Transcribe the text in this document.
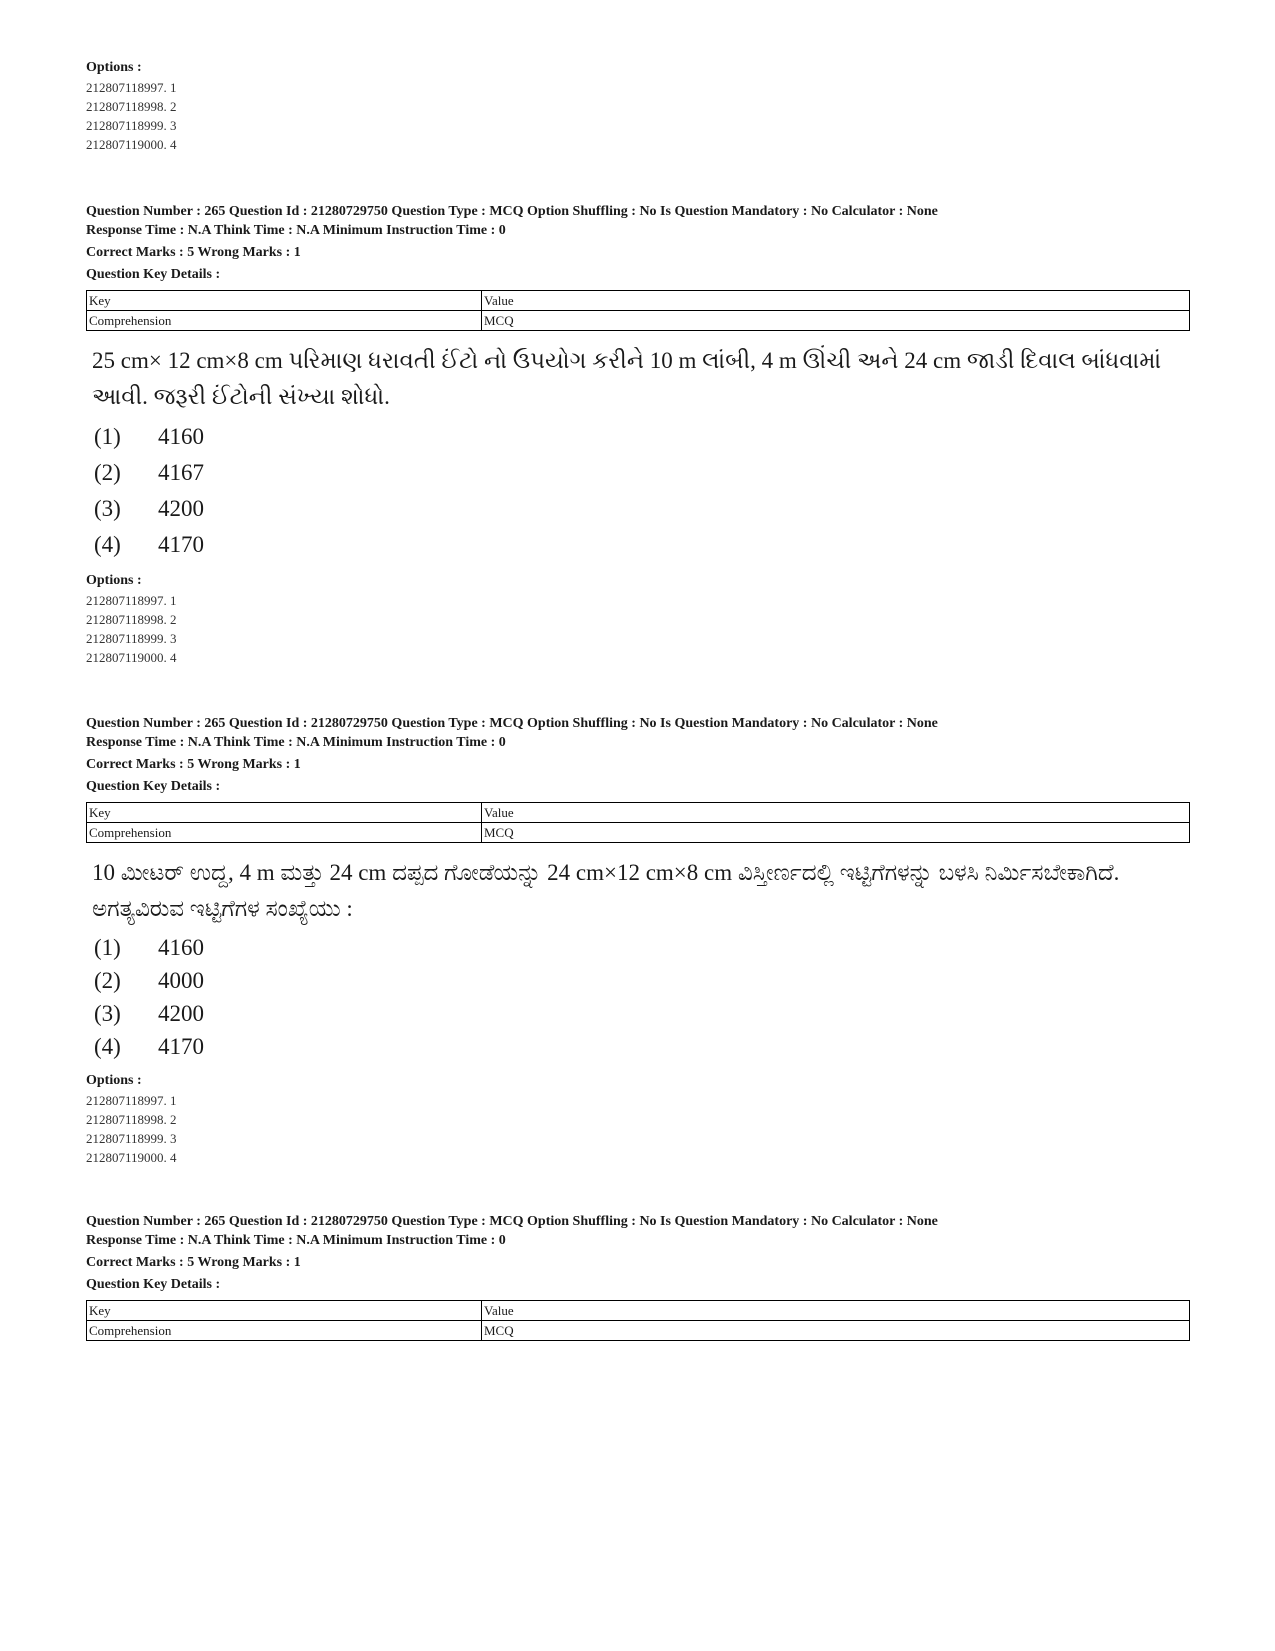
Options :
212807118997. 1
212807118998. 2
212807118999. 3
212807119000. 4
Question Number : 265 Question Id : 21280729750 Question Type : MCQ Option Shuffling : No Is Question Mandatory : No Calculator : None
Response Time : N.A Think Time : N.A Minimum Instruction Time : 0
Correct Marks : 5 Wrong Marks : 1
Question Key Details :
Key	Value
Comprehension	MCQ
25 cm× 12 cm×8 cm પરિમાણ ધરાવતી ઈંટો નો ઉપયોગ કરીને 10 m લાંબી, 4 m ઊંચી અને 24 cm જાડી દિવાલ બાંધવામાં આવી. જરૂરી ઈંટોની સંખ્યા શોધો.
(1)	4160
(2)	4167
(3)	4200
(4)	4170
Options :
212807118997. 1
212807118998. 2
212807118999. 3
212807119000. 4
Question Number : 265 Question Id : 21280729750 Question Type : MCQ Option Shuffling : No Is Question Mandatory : No Calculator : None
Response Time : N.A Think Time : N.A Minimum Instruction Time : 0
Correct Marks : 5 Wrong Marks : 1
Question Key Details :
Key	Value
Comprehension	MCQ
10 ಮೀಟರ್ ಉದ್ದ, 4 m ಮತ್ತು 24 cm ದಪ್ಪದ ಗೋಡೆಯನ್ನು 24 cm×12 cm×8 cm ವಿಸ್ತೀರ್ಣದಲ್ಲಿ ಇಟ್ಟಿಗೆಗಳನ್ನು ಬಳಸಿ ನಿರ್ಮಿಸಬೇಕಾಗಿದೆ. ಅಗತ್ಯವಿರುವ ಇಟ್ಟಿಗೆಗಳ ಸಂಖ್ಯೆಯು :
(1)	4160
(2)	4000
(3)	4200
(4)	4170
Options :
212807118997. 1
212807118998. 2
212807118999. 3
212807119000. 4
Question Number : 265 Question Id : 21280729750 Question Type : MCQ Option Shuffling : No Is Question Mandatory : No Calculator : None
Response Time : N.A Think Time : N.A Minimum Instruction Time : 0
Correct Marks : 5 Wrong Marks : 1
Question Key Details :
Key	Value
Comprehension	MCQ
